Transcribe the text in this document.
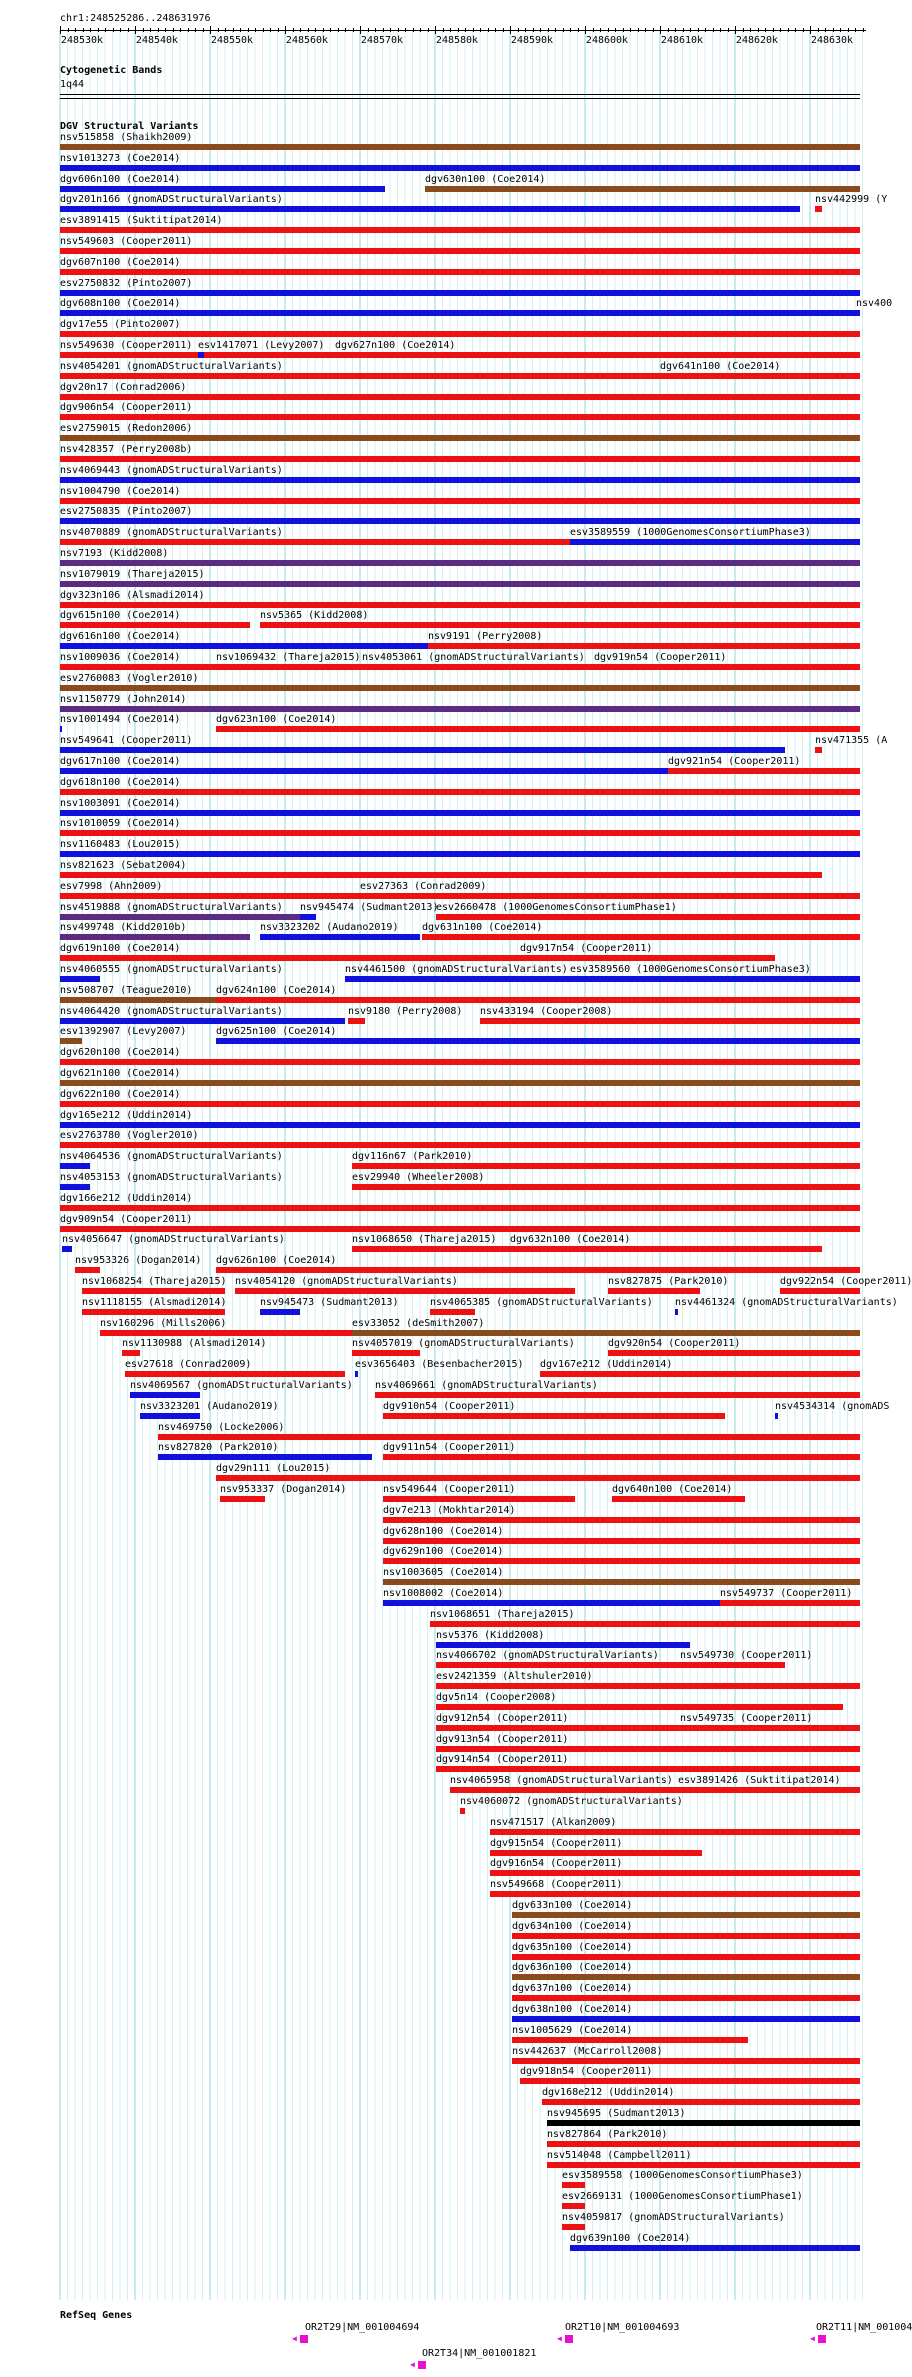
chr1:248525286..248631976
248530k	248540k	248550k	248560k	248570k	248580k	248590k	248600k	248610k	248620k	248630k
Cytogenetic Bands
1q44
DGV Structural Variants
nsv515858 (Shaikh2009)
nsv1013273 (Coe2014)
dgv606n100 (Coe2014)	dgv630n100 (Coe2014)
dgv201n166 (gnomADStructuralVariants)	nsv442999 (Y
esv3891415 (Suktitipat2014)
nsv549603 (Cooper2011)
dgv607n100 (Coe2014)
esv2750832 (Pinto2007)
dgv608n100 (Coe2014)	nsv400
dgv17e55 (Pinto2007)
nsv549630 (Cooper2011) esv1417071 (Levy2007) dgv627n100 (Coe2014)
nsv4054201 (gnomADStructuralVariants)	dgv641n100 (Coe2014)
dgv20n17 (Conrad2006)
dgv906n54 (Cooper2011)
esv2759015 (Redon2006)
nsv428357 (Perry2008b)
nsv4069443 (gnomADStructuralVariants)
nsv1004790 (Coe2014)
esv2750835 (Pinto2007)
nsv4070889 (gnomADStructuralVariants)	esv3589559 (1000GenomesConsortiumPhase3)
nsv7193 (Kidd2008)
nsv1079019 (Thareja2015)
dgv323n106 (Alsmadi2014)
dgv615n100 (Coe2014)	nsv5365 (Kidd2008)
dgv616n100 (Coe2014)	nsv9191 (Perry2008)
nsv1009036 (Coe2014)	nsv1069432 (Thareja2015) nsv4053061 (gnomADStructuralVariants) dgv919n54 (Cooper2011)
esv2760083 (Vogler2010)
nsv1150779 (John2014)
nsv1001494 (Coe2014)	dgv623n100 (Coe2014)
nsv549641 (Cooper2011)	nsv471355 (A
dgv617n100 (Coe2014)	dgv921n54 (Cooper2011)
dgv618n100 (Coe2014)
nsv1003091 (Coe2014)
nsv1010059 (Coe2014)
nsv1160483 (Lou2015)
nsv821623 (Sebat2004)
esv7998 (Ahn2009)	esv27363 (Conrad2009)
nsv4519888 (gnomADStructuralVariants) nsv945474 (Sudmant2013)
esv2660478 (1000GenomesConsortiumPhase1)
nsv499748 (Kidd2010b)	nsv3323202 (Audano2019) dgv631n100 (Coe2014)
dgv619n100 (Coe2014)	dgv917n54 (Cooper2011)
nsv4060555 (gnomADStructuralVariants)	nsv4461500 (gnomADStructuralVariants) esv3589560 (1000GenomesConsortiumPhase3)
nsv508707 (Teague2010) dgv624n100 (Coe2014)
nsv4064420 (gnomADStructuralVariants)	nsv9180 (Perry2008) nsv433194 (Cooper2008)
esv1392907 (Levy2007)	dgv625n100 (Coe2014)
dgv620n100 (Coe2014)
dgv621n100 (Coe2014)
dgv622n100 (Coe2014)
dgv165e212 (Uddin2014)
esv2763780 (Vogler2010)
nsv4064536 (gnomADStructuralVariants)	dgv116n67 (Park2010)
nsv4053153 (gnomADStructuralVariants)	esv29940 (Wheeler2008)
dgv166e212 (Uddin2014)
dgv909n54 (Cooper2011)
nsv4056647 (gnomADStructuralVariants)	nsv1068650 (Thareja2015) dgv632n100 (Coe2014)
nsv953326 (Dogan2014) dgv626n100 (Coe2014)
nsv1068254 (Thareja2015) nsv4054120 (gnomADStructuralVariants)	nsv827875 (Park2010)	dgv922n54 (Cooper2011)
nsv1118155 (Alsmadi2014)	nsv945473 (Sudmant2013)	nsv4065385 (gnomADStructuralVariants) nsv4461324 (gnomADStructuralVariants)
nsv160296 (Mills2006)	esv33052 (deSmith2007)
nsv1130988 (Alsmadi2014)	nsv4057019 (gnomADStructuralVariants)	dgv920n54 (Cooper2011)
esv27618 (Conrad2009)	esv3656403 (Besenbacher2015) dgv167e212 (Uddin2014)
nsv4069567 (gnomADStructuralVariants) nsv4069661 (gnomADStructuralVariants)
nsv3323201 (Audano2019)	dgv910n54 (Cooper2011)	nsv4534314 (gnomADS
nsv469750 (Locke2006)
nsv827820 (Park2010)	dgv911n54 (Cooper2011)
dgv29n111 (Lou2015)
nsv953337 (Dogan2014)	nsv549644 (Cooper2011)	dgv640n100 (Coe2014)
dgv7e213 (Mokhtar2014)
dgv628n100 (Coe2014)
dgv629n100 (Coe2014)
nsv1003605 (Coe2014)
nsv1008002 (Coe2014)	nsv549737 (Cooper2011)
nsv1068651 (Thareja2015)
nsv5376 (Kidd2008)
nsv4066702 (gnomADStructuralVariants) nsv549730 (Cooper2011)
esv2421359 (Altshuler2010)
dgv5n14 (Cooper2008)
dgv912n54 (Cooper2011)	nsv549735 (Cooper2011)
dgv913n54 (Cooper2011)
dgv914n54 (Cooper2011)
nsv4065958 (gnomADStructuralVariants) esv3891426 (Suktitipat2014)
nsv4060072 (gnomADStructuralVariants)
nsv471517 (Alkan2009)
dgv915n54 (Cooper2011)
dgv916n54 (Cooper2011)
nsv549668 (Cooper2011)
dgv633n100 (Coe2014)
dgv634n100 (Coe2014)
dgv635n100 (Coe2014)
dgv636n100 (Coe2014)
dgv637n100 (Coe2014)
dgv638n100 (Coe2014)
nsv1005629 (Coe2014)
nsv442637 (McCarroll2008)
dgv918n54 (Cooper2011)
dgv168e212 (Uddin2014)
nsv945695 (Sudmant2013)
nsv827864 (Park2010)
nsv514048 (Campbell2011)
esv3589558 (1000GenomesConsortiumPhase3)
esv2669131 (1000GenomesConsortiumPhase1)
nsv4059817 (gnomADStructuralVariants)
dgv639n100 (Coe2014)
RefSeq Genes
OR2T29|NM_001004694
◀
OR2T10|NM_001004693
◀
OR2T11|NM_001004
◀
OR2T34|NM_001001821
◀
